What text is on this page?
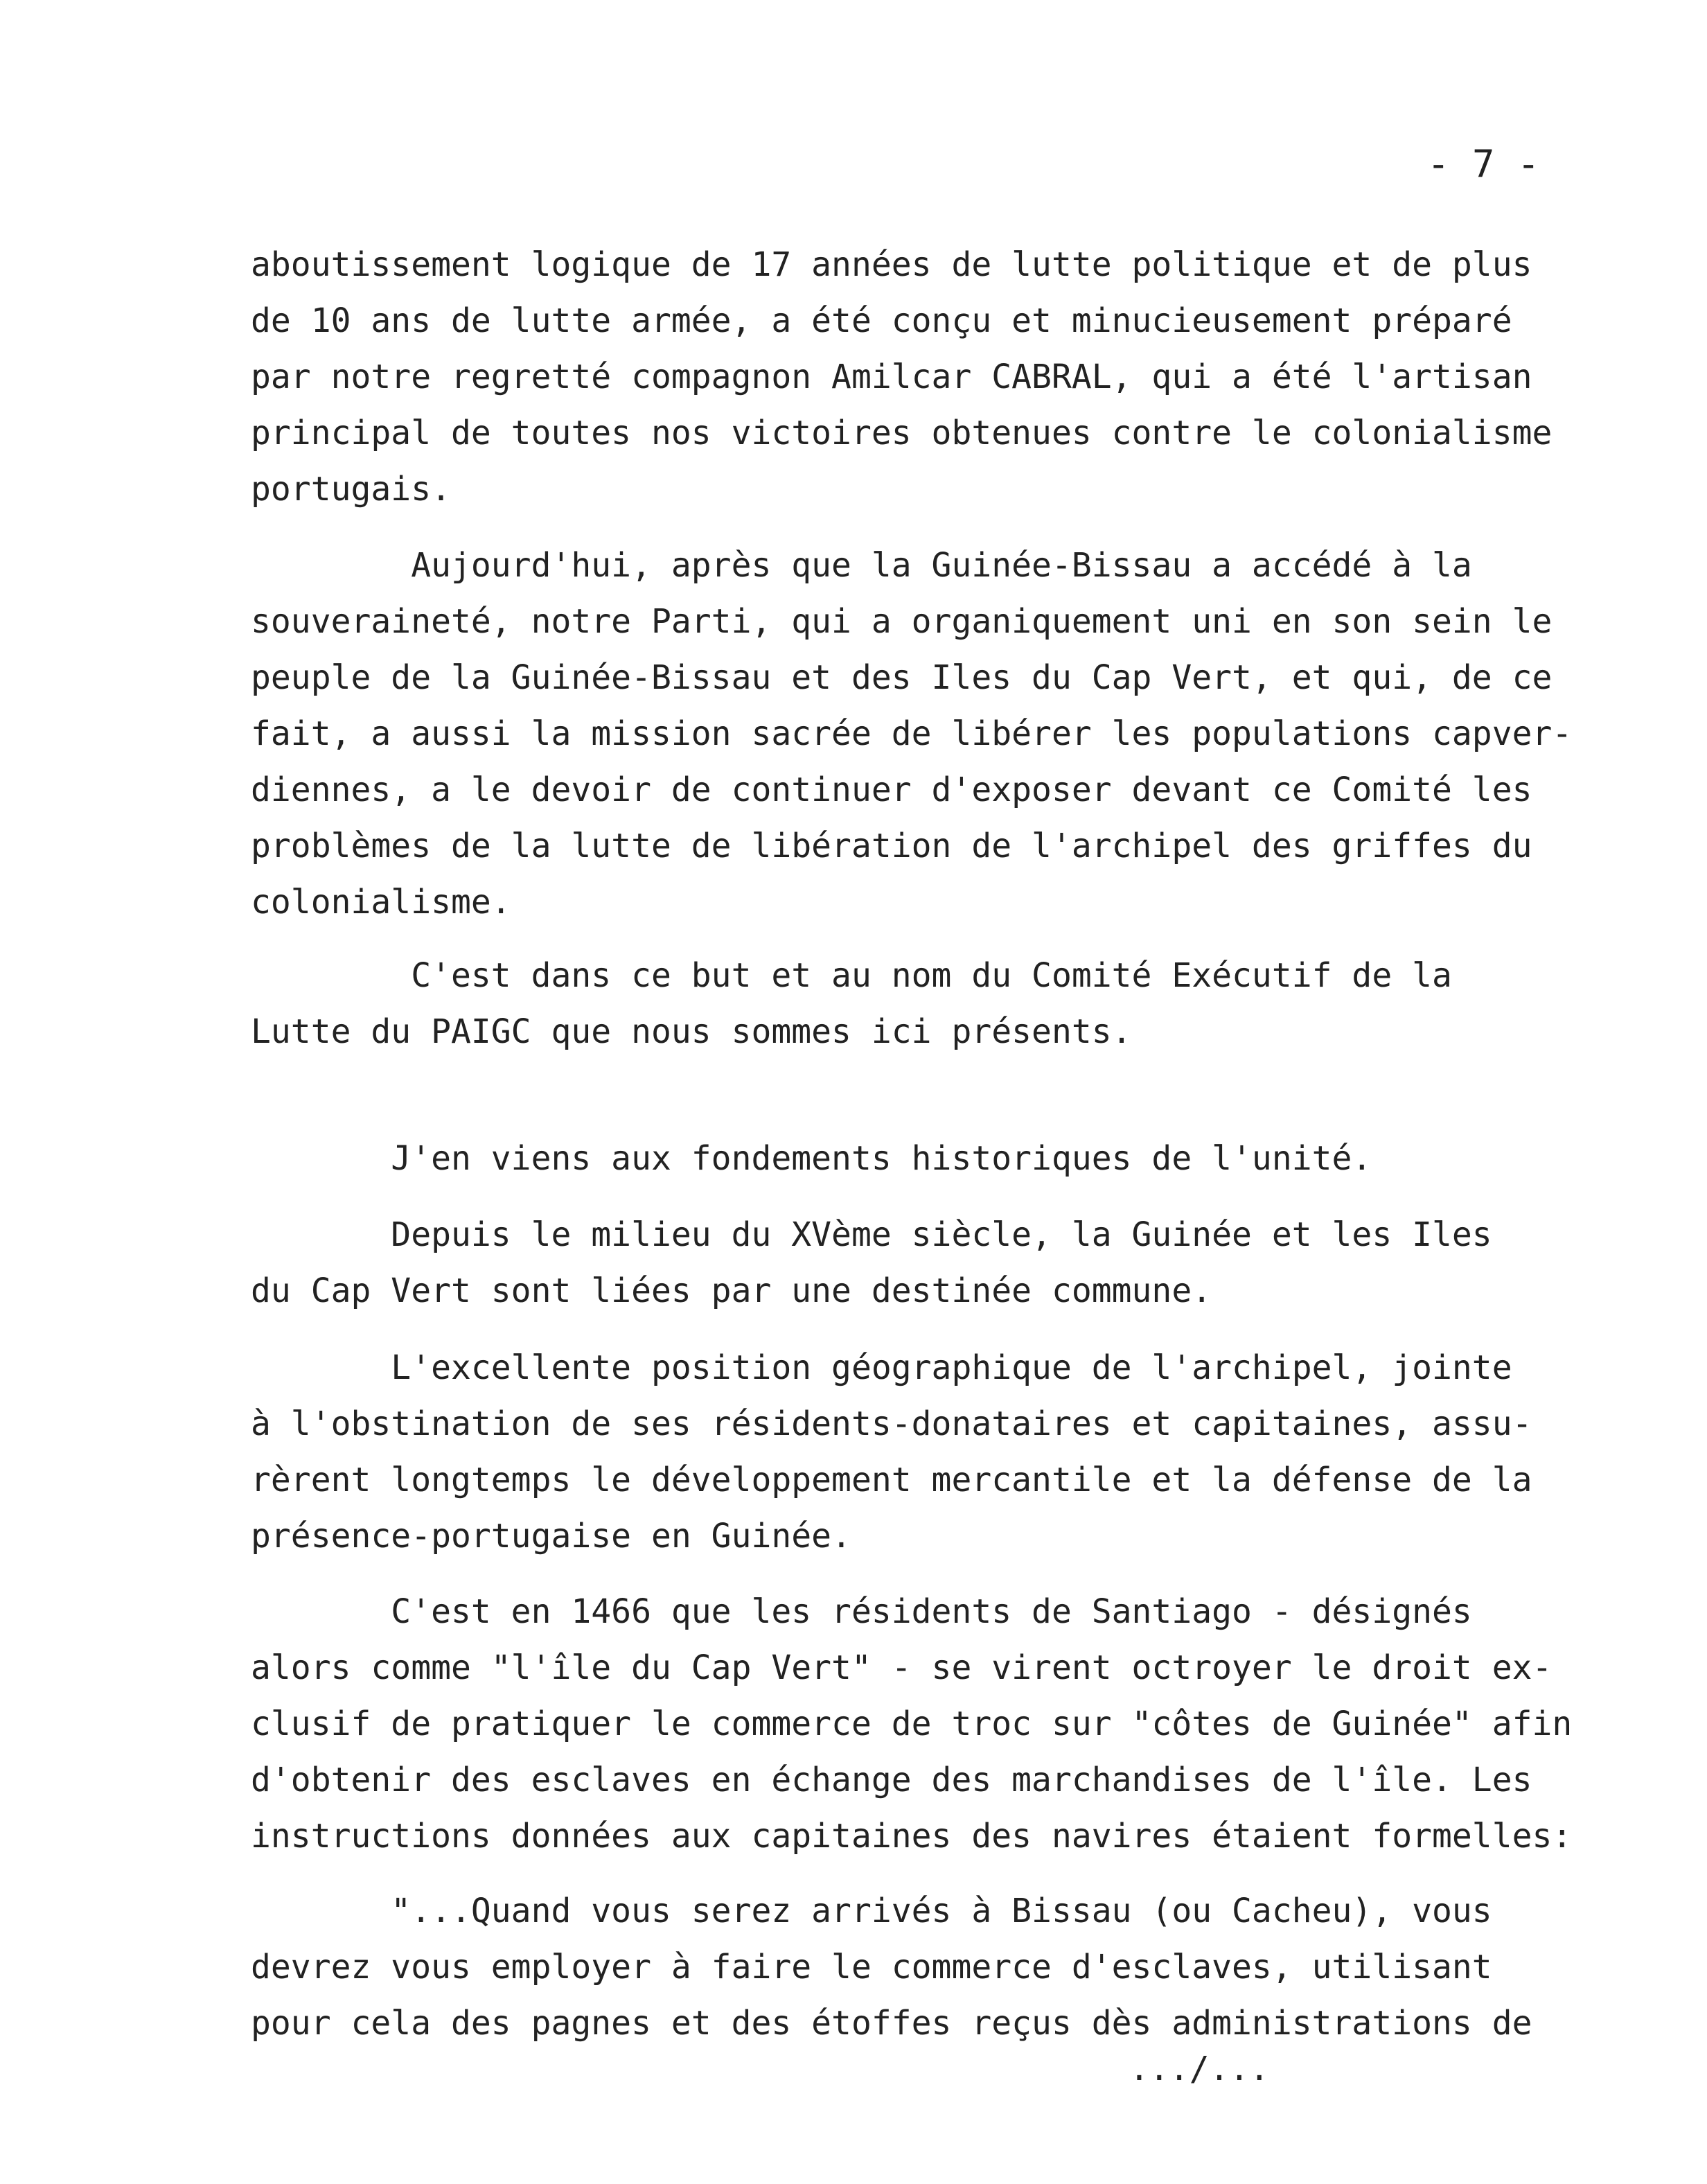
- 7 -
aboutissement logique de 17 années de lutte politique et de plus
de 10 ans de lutte armée, a été conçu et minucieusement préparé
par notre regretté compagnon Amilcar CABRAL, qui a été l'artisan
principal de toutes nos victoires obtenues contre le colonialisme
portugais.
Aujourd'hui, après que la Guinée-Bissau a accédé à la
souveraineté, notre Parti, qui a organiquement uni en son sein le
peuple de la Guinée-Bissau et des Iles du Cap Vert, et qui, de ce
fait, a aussi la mission sacrée de libérer les populations capver-
diennes, a le devoir de continuer d'exposer devant ce Comité les
problèmes de la lutte de libération de l'archipel des griffes du
colonialisme.
C'est dans ce but et au nom du Comité Exécutif de la
Lutte du PAIGC que nous sommes ici présents.
J'en viens aux fondements historiques de l'unité.
Depuis le milieu du XVème siècle, la Guinée et les Iles
du Cap Vert sont liées par une destinée commune.
L'excellente position géographique de l'archipel, jointe
à l'obstination de ses résidents-donataires et capitaines, assu-
rèrent longtemps le développement mercantile et la défense de la
présence-portugaise en Guinée.
C'est en 1466 que les résidents de Santiago - désignés
alors comme "l'île du Cap Vert" - se virent octroyer le droit ex-
clusif de pratiquer le commerce de troc sur "côtes de Guinée" afin
d'obtenir des esclaves en échange des marchandises de l'île. Les
instructions données aux capitaines des navires étaient formelles:
"...Quand vous serez arrivés à Bissau (ou Cacheu), vous
devrez vous employer à faire le commerce d'esclaves, utilisant
pour cela des pagnes et des étoffes reçus dès administrations de
.../...
